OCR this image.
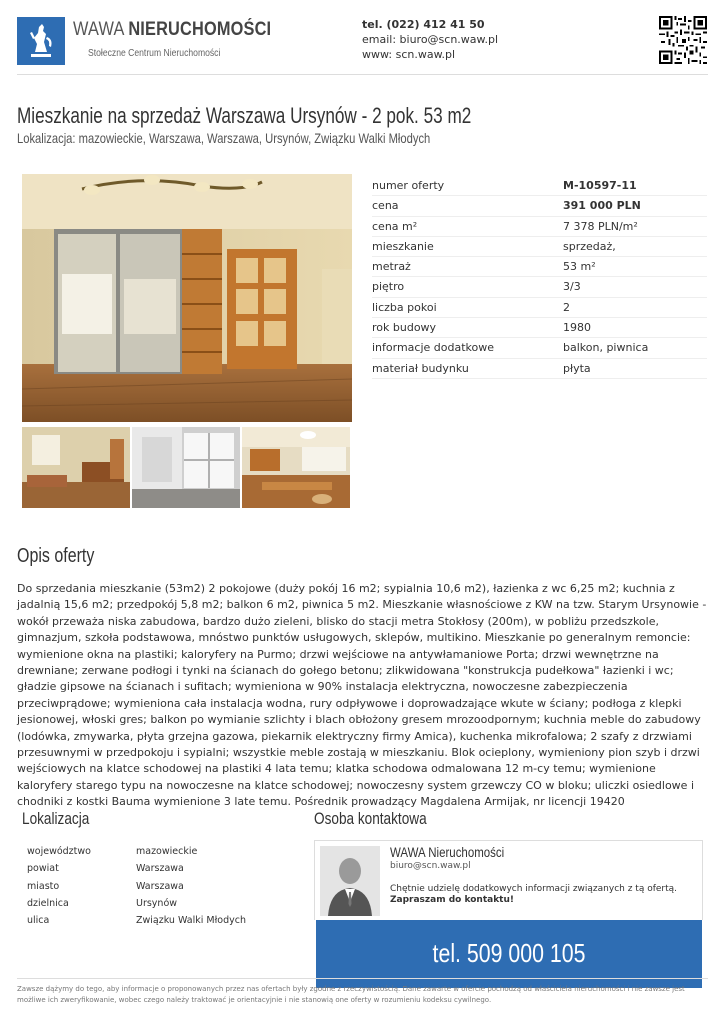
WAWA NIERUCHOMOŚCI
Stołeczne Centrum Nieruchomości
tel. (022) 412 41 50
email: biuro@scn.waw.pl
www: scn.waw.pl
Mieszkanie na sprzedaż Warszawa Ursynów - 2 pok. 53 m2
Lokalizacja: mazowieckie, Warszawa, Warszawa, Ursynów, Związku Walki Młodych
numer oferty	M-10597-11
cena	391 000 PLN
cena m²	7 378 PLN/m²
mieszkanie	sprzedaż,
metraż	53 m²
piętro	3/3
liczba pokoi	2
rok budowy	1980
informacje dodatkowe	balkon, piwnica
materiał budynku	płyta
Opis oferty

Do sprzedania mieszkanie (53m2) 2 pokojowe (duży pokój 16 m2; sypialnia 10,6 m2), łazienka z wc 6,25 m2; kuchnia z jadalnią 15,6 m2; przedpokój 5,8 m2; balkon 6 m2, piwnica 5 m2. Mieszkanie własnościowe z KW na tzw. Starym Ursynowie - wokół przeważa niska zabudowa, bardzo dużo zieleni, blisko do stacji metra Stokłosy (200m), w pobliżu przedszkole, gimnazjum, szkoła podstawowa, mnóstwo punktów usługowych, sklepów, multikino. Mieszkanie po generalnym remoncie: wymienione okna na plastiki; kaloryfery na Purmo; drzwi wejściowe na antywłamaniowe Porta; drzwi wewnętrzne na drewniane; zerwane podłogi i tynki na ścianach do gołego betonu; zlikwidowana "konstrukcja pudełkowa" łazienki i wc; gładzie gipsowe na ścianach i sufitach; wymieniona w 90% instalacja elektryczna, nowoczesne zabezpieczenia przeciwprądowe; wymieniona cała instalacja wodna, rury odpływowe i doprowadzające wkute w ściany; podłoga z klepki jesionowej, włoski gres; balkon po wymianie szlichty i blach obłożony gresem mrozoodpornym; kuchnia meble do zabudowy (lodówka, zmywarka, płyta grzejna gazowa, piekarnik elektryczny firmy Amica), kuchenka mikrofalowa; 2 szafy z drzwiami przesuwnymi w przedpokoju i sypialni; wszystkie meble zostają w mieszkaniu. Blok ocieplony, wymieniony pion szyb i drzwi wejściowych na klatce schodowej na plastiki 4 lata temu; klatka schodowa odmalowana 12 m-cy temu; wymienione kaloryfery starego typu na nowoczesne na klatce schodowej; nowoczesny system grzewczy CO w bloku; uliczki osiedlowe i chodniki z kostki Bauma wymienione 3 late temu. Pośrednik prowadzący Magdalena Armijak, nr licencji 19420

Lokalizacja
województwo	mazowieckie
powiat	Warszawa
miasto	Warszawa
dzielnica	Ursynów
ulica	Związku Walki Młodych
Osoba kontaktowa
WAWA Nieruchomości
biuro@scn.waw.pl
Chętnie udzielę dodatkowych informacji związanych z tą ofertą.
Zapraszam do kontaktu!
tel. 509 000 105
Zawsze dążymy do tego, aby informacje o proponowanych przez nas ofertach były zgodne z rzeczywistością. Dane zawarte w ofercie pochodzą od właściciela nieruchomości i nie zawsze jest możliwe ich zweryfikowanie, wobec czego należy traktować je orientacyjnie i nie stanowią one oferty w rozumieniu kodeksu cywilnego.
